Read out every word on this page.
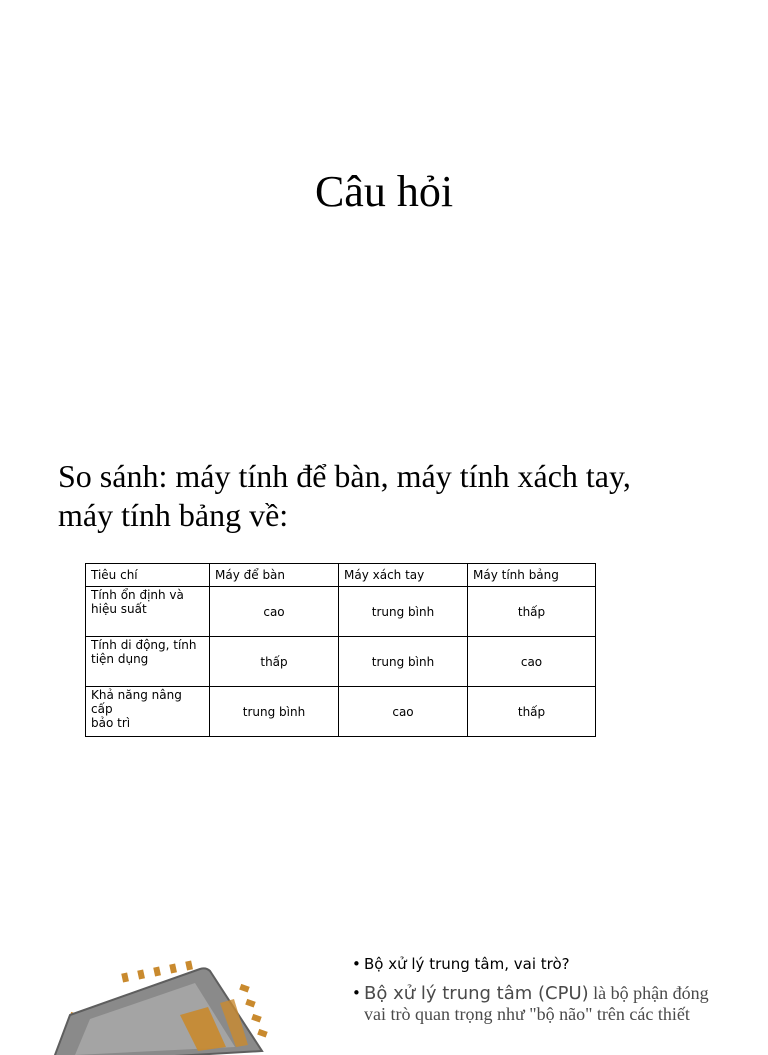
Câu hỏi
So sánh: máy tính để bàn, máy tính xách tay,
máy tính bảng về:
Tiêu chí	Máy để bàn	Máy xách tay	Máy tính bảng
Tính ổn định và
hiệu suất	cao	trung bình	thấp
Tính di động, tính
tiện dụng	thấp	trung bình	cao
Khả năng nâng cấp
bảo trì	trung bình	cao	thấp
• Bộ xử lý trung tâm, vai trò?
• Bộ xử lý trung tâm (CPU) là bộ phận đóng
vai trò quan trọng như "bộ não" trên các thiết
